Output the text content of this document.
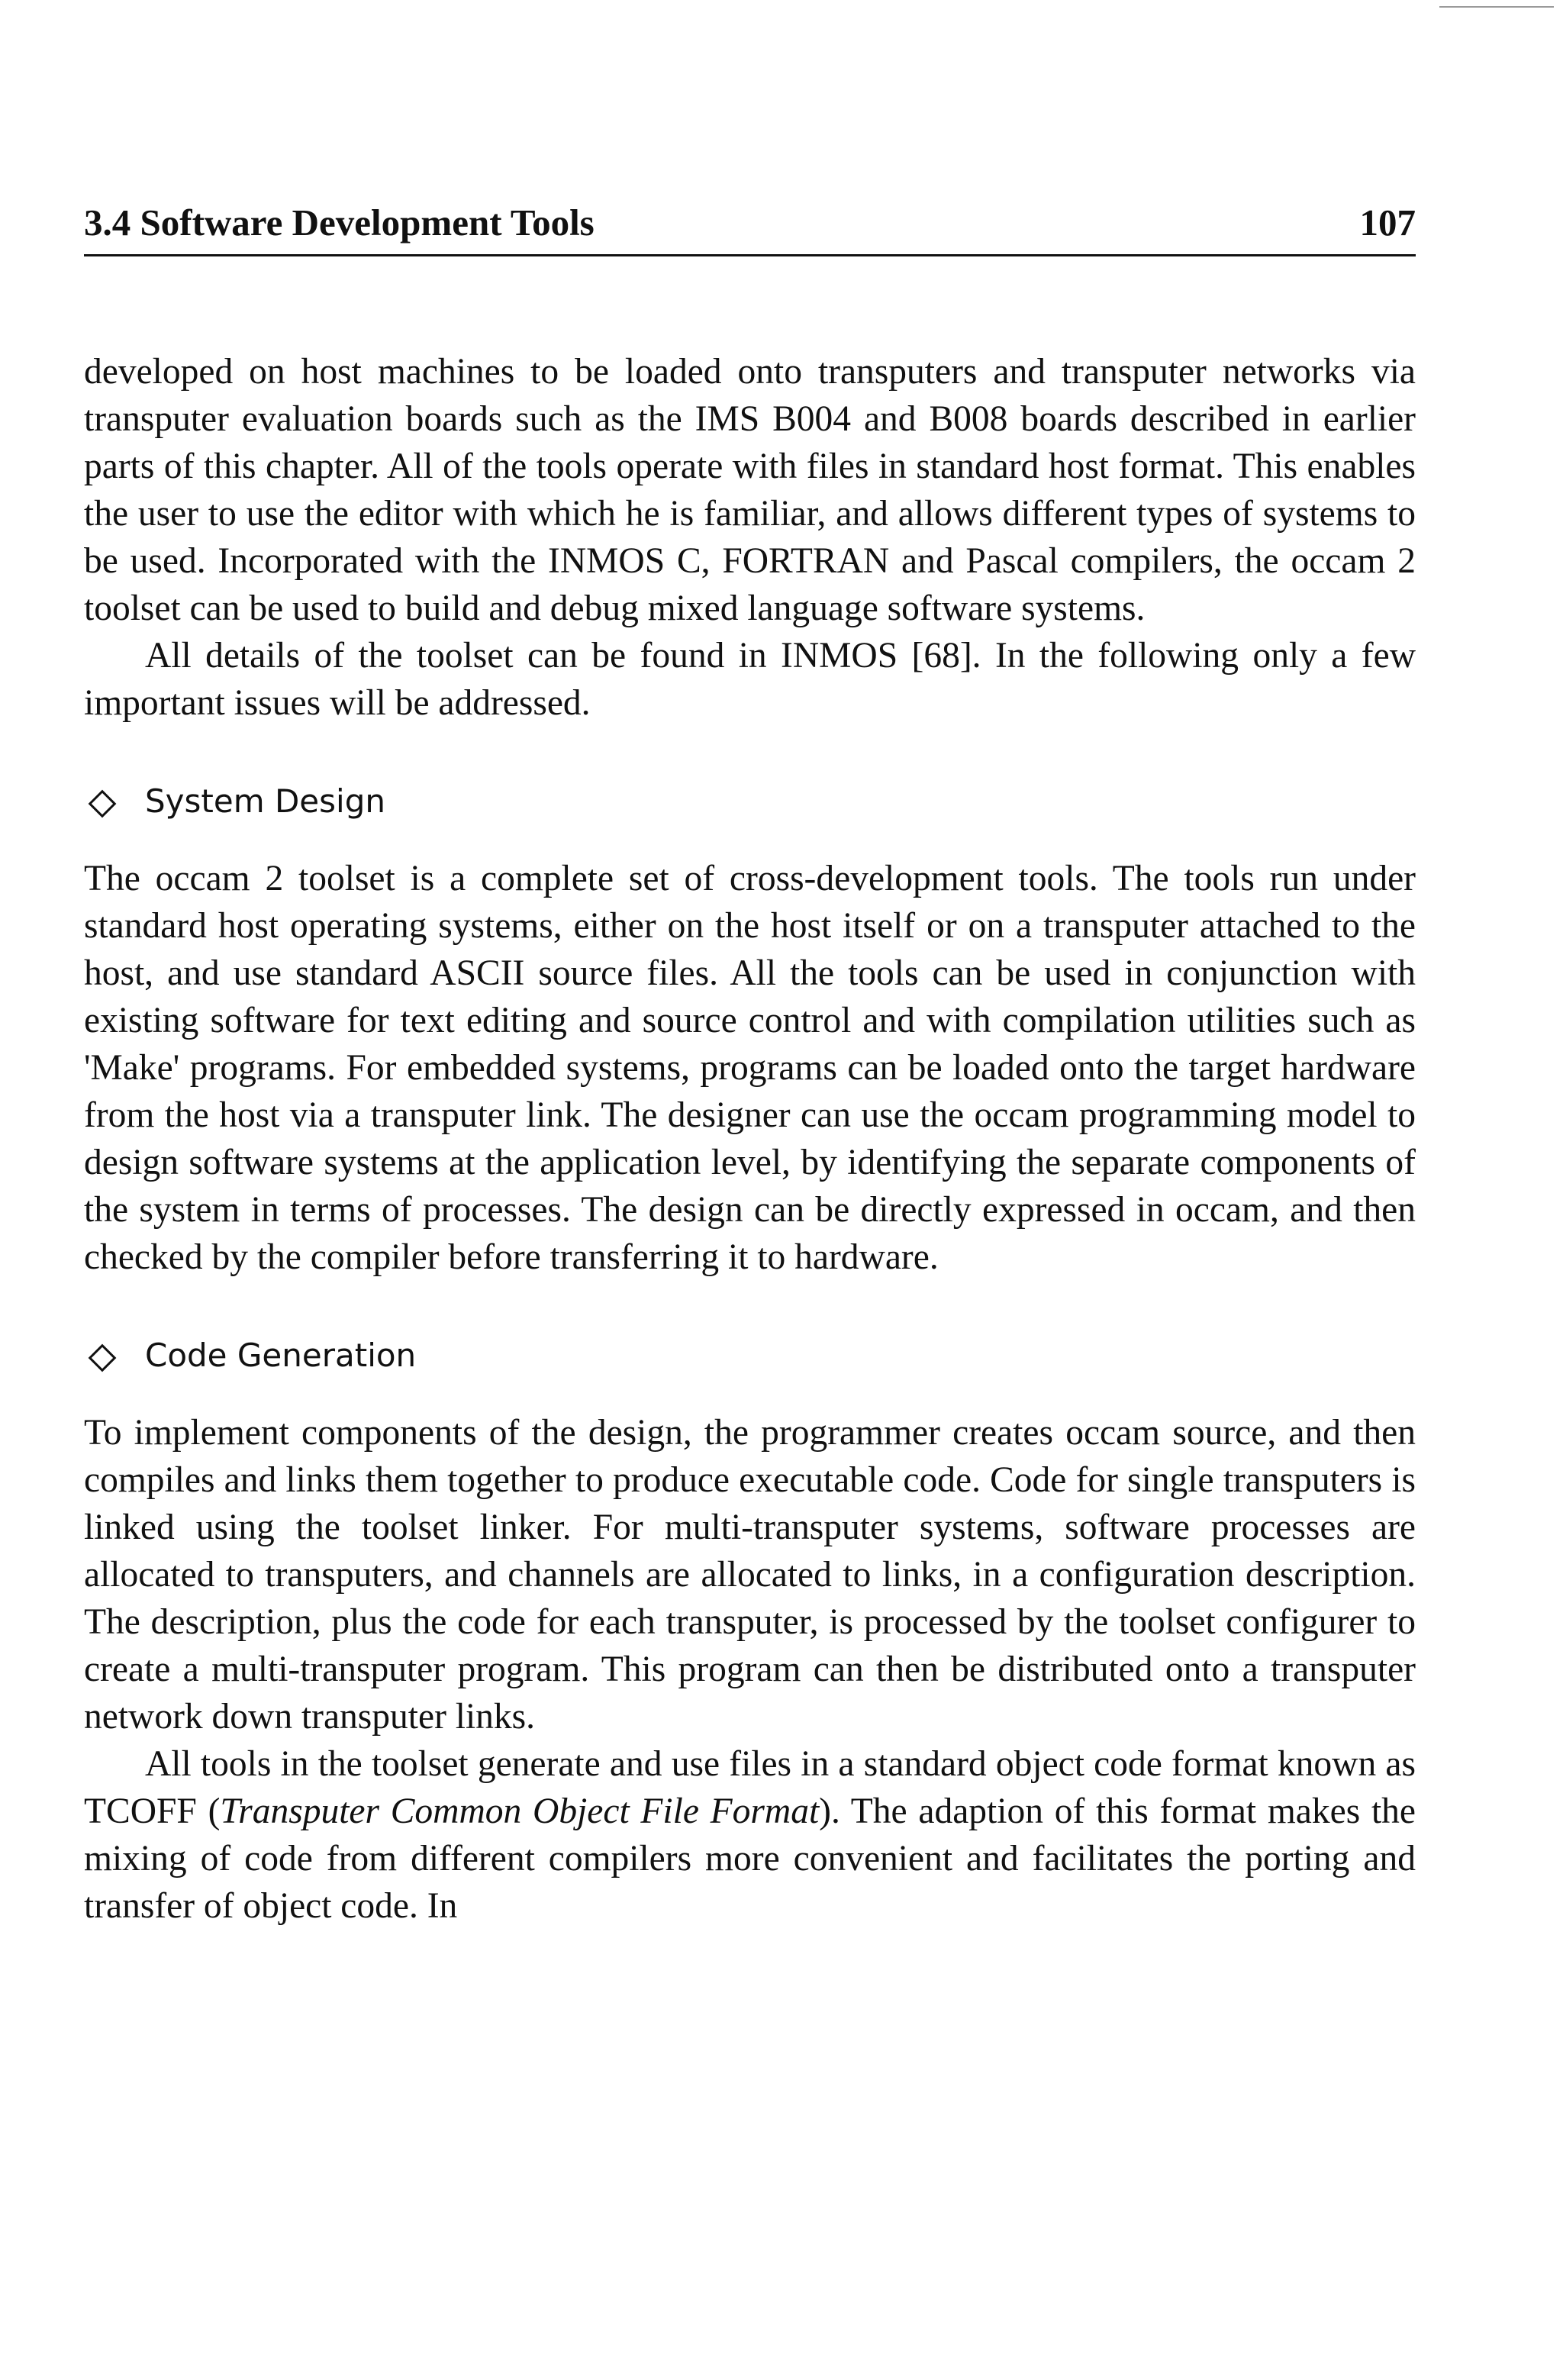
3.4 Software Development Tools	107

developed on host machines to be loaded onto transputers and transputer networks via transputer evaluation boards such as the IMS B004 and B008 boards described in earlier parts of this chapter. All of the tools operate with files in standard host format. This enables the user to use the editor with which he is familiar, and allows different types of systems to be used. Incorporated with the INMOS C, FORTRAN and Pascal compilers, the occam 2 toolset can be used to build and debug mixed language software systems.

All details of the toolset can be found in INMOS [68]. In the following only a few important issues will be addressed.

System Design

The occam 2 toolset is a complete set of cross-development tools. The tools run under standard host operating systems, either on the host itself or on a transputer attached to the host, and use standard ASCII source files. All the tools can be used in conjunction with existing software for text editing and source control and with compilation utilities such as 'Make' programs. For embedded systems, programs can be loaded onto the target hardware from the host via a transputer link. The designer can use the occam programming model to design software systems at the application level, by identifying the separate components of the system in terms of processes. The design can be directly expressed in occam, and then checked by the compiler before transferring it to hardware.

Code Generation

To implement components of the design, the programmer creates occam source, and then compiles and links them together to produce executable code. Code for single transputers is linked using the toolset linker. For multi-transputer systems, software processes are allocated to transputers, and channels are allocated to links, in a configuration description. The description, plus the code for each transputer, is processed by the toolset configurer to create a multi-transputer program. This program can then be distributed onto a transputer network down transputer links.

All tools in the toolset generate and use files in a standard object code format known as TCOFF (Transputer Common Object File Format). The adaption of this format makes the mixing of code from different compilers more convenient and facilitates the porting and transfer of object code. In
